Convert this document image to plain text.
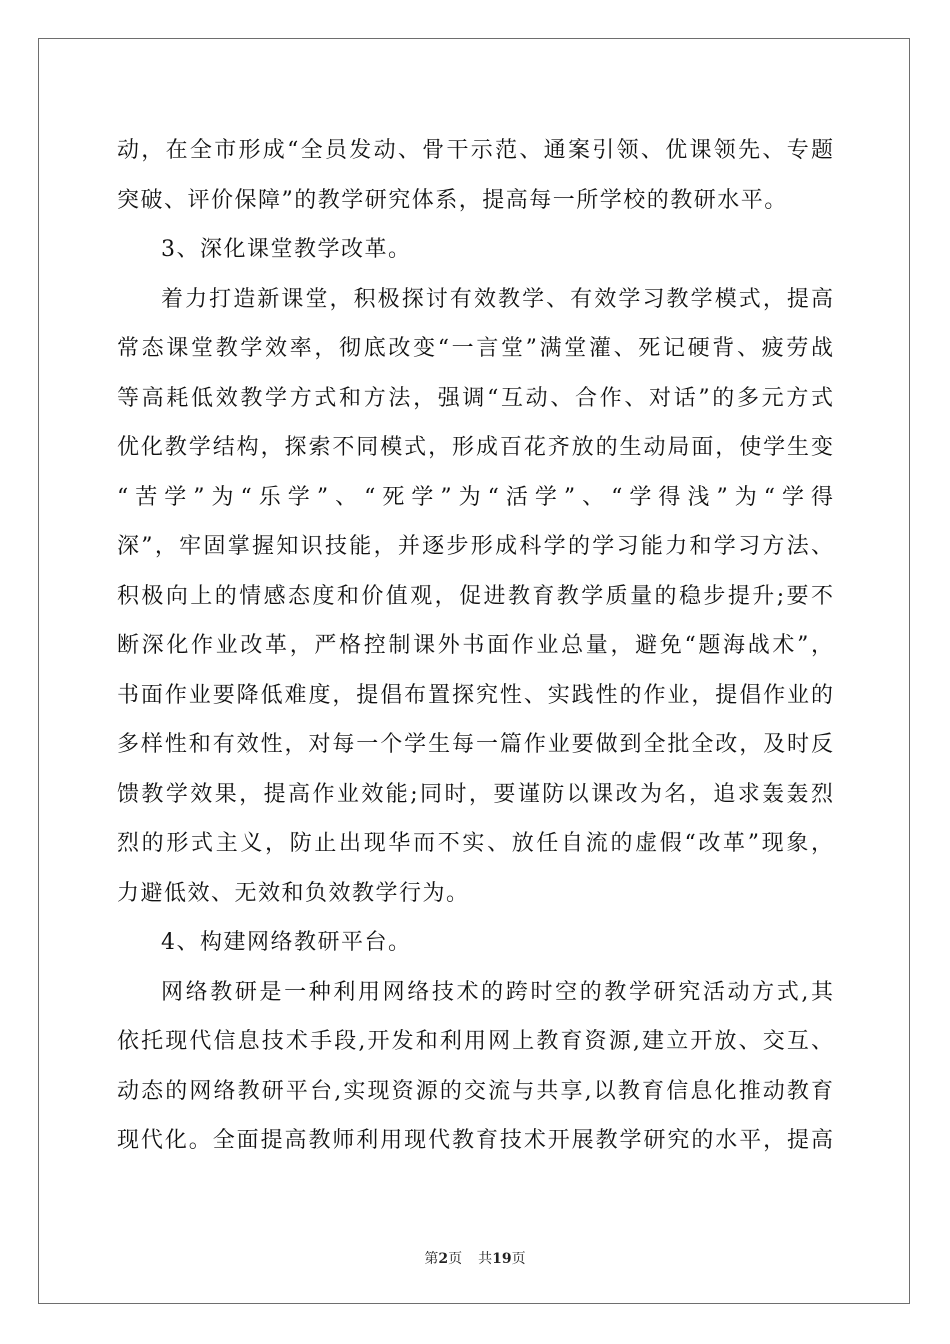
动，在全市形成“全员发动、骨干示范、通案引领、优课领先、专题
突破、评价保障”的教学研究体系，提高每一所学校的教研水平。
3、深化课堂教学改革。
着力打造新课堂，积极探讨有效教学、有效学习教学模式，提高
常态课堂教学效率，彻底改变“一言堂”满堂灌、死记硬背、疲劳战
等高耗低效教学方式和方法，强调“互动、合作、对话”的多元方式
优化教学结构，探索不同模式，形成百花齐放的生动局面，使学生变
“苦学”为“乐学”、“死学”为“活学”、“学得浅”为“学得
深”，牢固掌握知识技能，并逐步形成科学的学习能力和学习方法、
积极向上的情感态度和价值观，促进教育教学质量的稳步提升;要不
断深化作业改革，严格控制课外书面作业总量，避免“题海战术”，
书面作业要降低难度，提倡布置探究性、实践性的作业，提倡作业的
多样性和有效性，对每一个学生每一篇作业要做到全批全改，及时反
馈教学效果，提高作业效能;同时，要谨防以课改为名，追求轰轰烈
烈的形式主义，防止出现华而不实、放任自流的虚假“改革”现象，
力避低效、无效和负效教学行为。
4、构建网络教研平台。
网络教研是一种利用网络技术的跨时空的教学研究活动方式,其
依托现代信息技术手段,开发和利用网上教育资源,建立开放、交互、
动态的网络教研平台,实现资源的交流与共享,以教育信息化推动教育
现代化。全面提高教师利用现代教育技术开展教学研究的水平，提高
第2页 共19页
